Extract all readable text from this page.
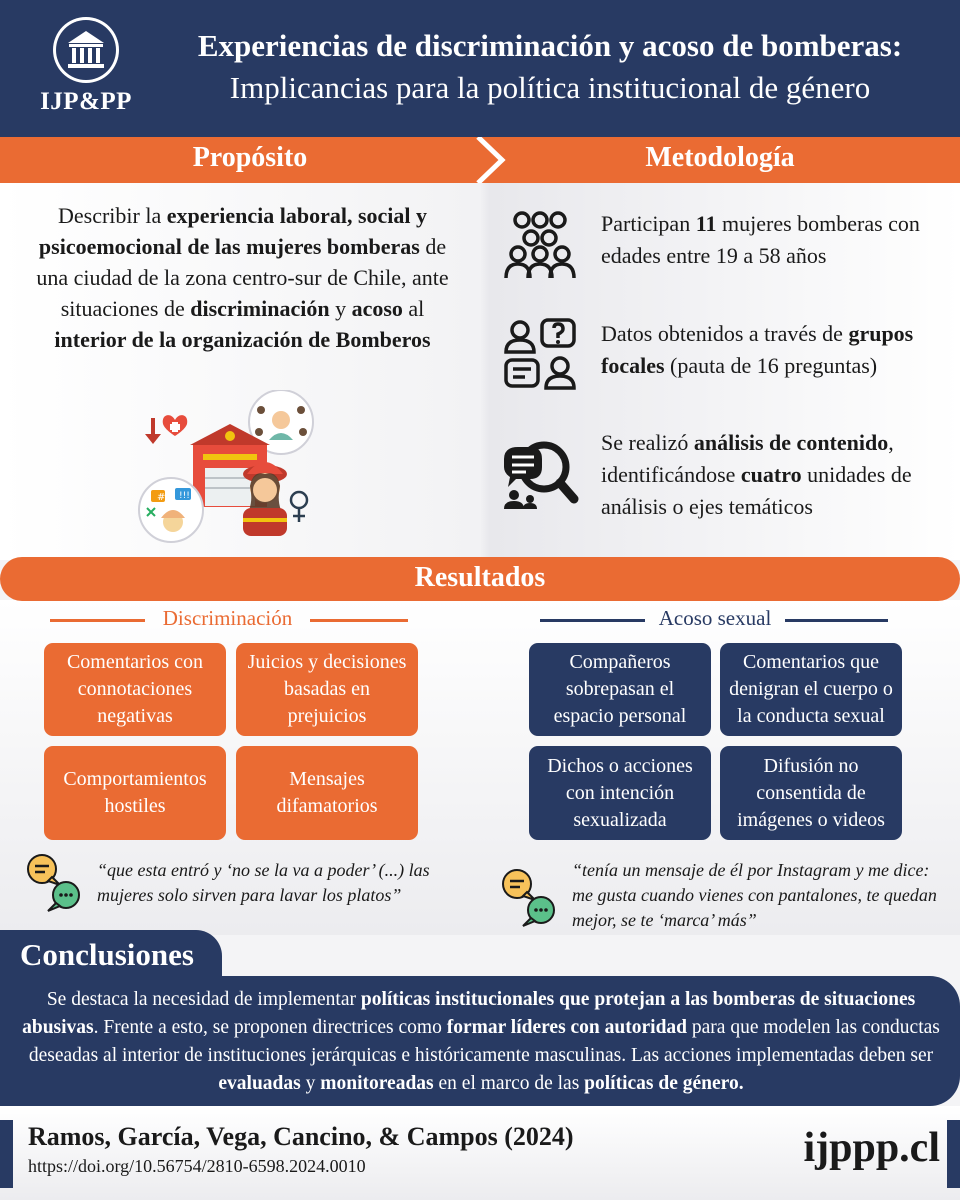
IJP&PP
Experiencias de discriminación y acoso de bomberas:
Implicancias para la política institucional de género
Propósito	Metodología
Describir la experiencia laboral, social y psicoemocional de las mujeres bomberas de una ciudad de la zona centro-sur de Chile, ante situaciones de discriminación y acoso al interior de la organización de Bomberos
# !!!
Participan 11 mujeres bomberas con edades entre 19 a 58 años
Datos obtenidos a través de grupos focales (pauta de 16 preguntas)
Se realizó análisis de contenido, identificándose cuatro unidades de análisis o ejes temáticos
Resultados
Discriminación
Comentarios con connotaciones negativas
Juicios y decisiones basadas en prejuicios
Comportamientos hostiles
Mensajes difamatorios
“que esta entró y ‘no se la va a poder’ (...) las mujeres solo sirven para lavar los platos”
Acoso sexual
Compañeros sobrepasan el espacio personal
Comentarios que denigran el cuerpo o la conducta sexual
Dichos o acciones con intención sexualizada
Difusión no consentida de imágenes o videos
“tenía un mensaje de él por Instagram y me dice: me gusta cuando vienes con pantalones, te quedan mejor, se te ‘marca’ más”
Conclusiones
Se destaca la necesidad de implementar políticas institucionales que protejan a las bomberas de situaciones abusivas. Frente a esto, se proponen directrices como formar líderes con autoridad para que modelen las conductas deseadas al interior de instituciones jerárquicas e históricamente masculinas. Las acciones implementadas deben ser evaluadas y monitoreadas en el marco de las políticas de género.
Ramos, García, Vega, Cancino, & Campos (2024)
https://doi.org/10.56754/2810-6598.2024.0010	ijppp.cl
